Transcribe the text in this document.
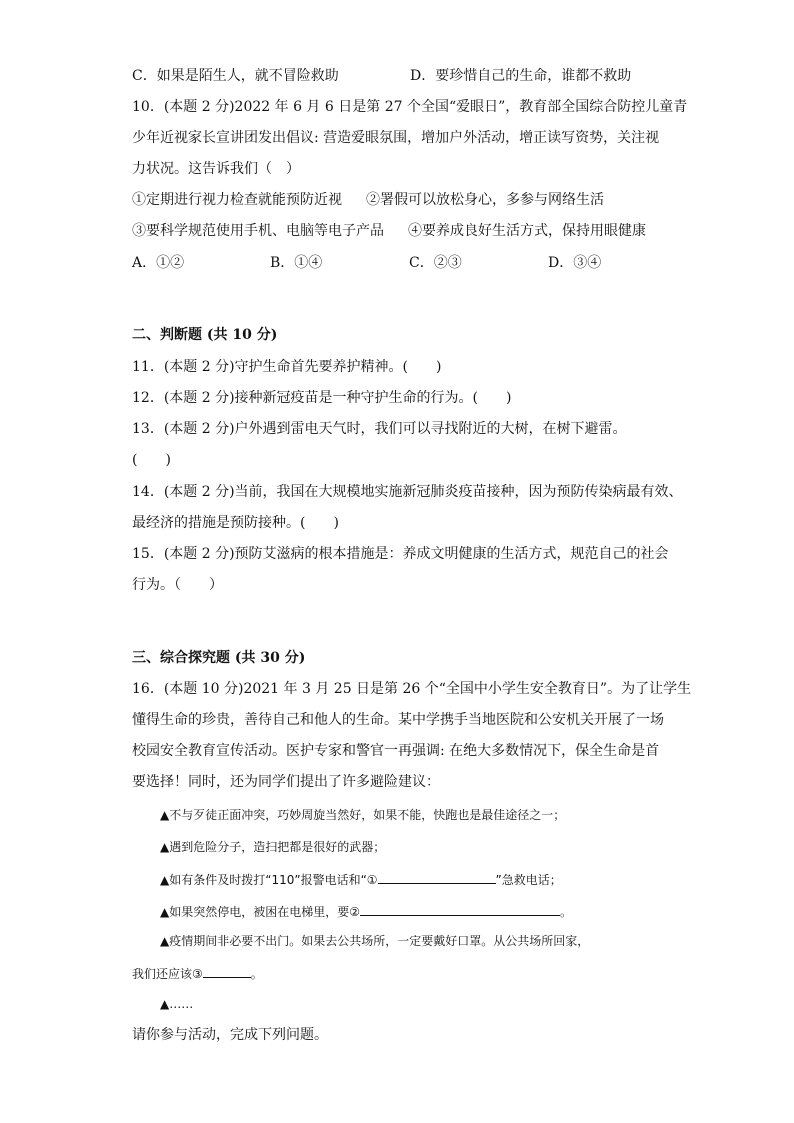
C．如果是陌生人，就不冒险救助	D．要珍惜自己的生命，谁都不救助
10．(本题 2 分)2022 年 6 月 6 日是第 27 个全国“爱眼日”，教育部全国综合防控儿童青
少年近视家长宣讲团发出倡议: 营造爱眼氛围，增加户外活动，增正读写资势，关注视
力状况。这告诉我们（　）
①定期进行视力检查就能预防近视 ②署假可以放松身心，多参与网络生活
③要科学规范使用手机、电脑等电子产品 ④要养成良好生活方式，保持用眼健康
A．①②	B．①④	C．②③	D．③④
二、判断题 (共 10 分)
11．(本题 2 分)守护生命首先要养护精神。(　　)
12．(本题 2 分)接种新冠疫苗是一种守护生命的行为。(　　)
13．(本题 2 分)户外遇到雷电天气时，我们可以寻找附近的大树，在树下避雷。
(　　)
14．(本题 2 分)当前，我国在大规模地实施新冠肺炎疫苗接种，因为预防传染病最有效、
最经济的措施是预防接种。(　　)
15．(本题 2 分)预防艾滋病的根本措施是：养成文明健康的生活方式，规范自己的社会
行为。（　　）
三、综合探究题 (共 30 分)
16．(本题 10 分)2021 年 3 月 25 日是第 26 个“全国中小学生安全教育日”。为了让学生
懂得生命的珍贵，善待自己和他人的生命。某中学携手当地医院和公安机关开展了一场
校园安全教育宣传活动。医护专家和警官一再强调: 在绝大多数情况下，保全生命是首
要选择！同时，还为同学们提出了许多避险建议：
▲不与歹徒正面冲突，巧妙周旋当然好，如果不能，快跑也是最佳途径之一；
▲遇到危险分子，造扫把都是很好的武器；
▲如有条件及时拨打“110”报警电话和“①	”急救电话；
▲如果突然停电，被困在电梯里，要②	。
▲疫情期间非必要不出门。如果去公共场所，一定要戴好口罩。从公共场所回家，
我们还应该③	。
▲……
请你参与活动，完成下列问题。
